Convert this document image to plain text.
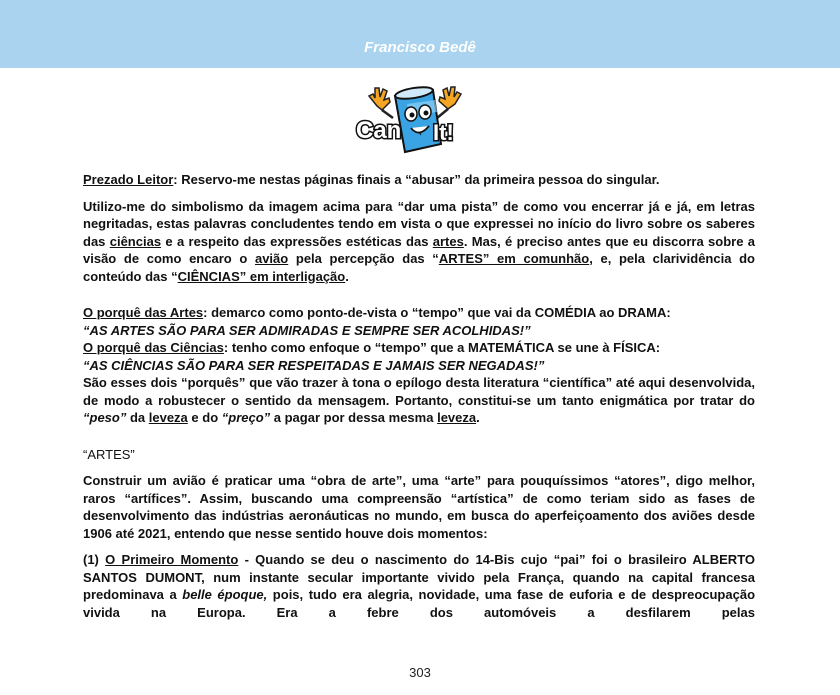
Francisco Bedê
Can It!

Prezado Leitor: Reservo-me nestas páginas finais a “abusar” da primeira pessoa do singular.

Utilizo-me do simbolismo da imagem acima para “dar uma pista” de como vou encerrar já e já, em letras negritadas, estas palavras concludentes tendo em vista o que expressei no início do livro sobre os saberes das ciências e a respeito das expressões estéticas das artes. Mas, é preciso antes que eu discorra sobre a visão de como encaro o avião pela percepção das “ARTES” em comunhão, e, pela clarividência do conteúdo das “CIÊNCIAS” em interligação.

O porquê das Artes: demarco como ponto-de-vista o “tempo” que vai da COMÉDIA ao DRAMA:
“AS ARTES SÃO PARA SER ADMIRADAS E SEMPRE SER ACOLHIDAS!”
O porquê das Ciências: tenho como enfoque o “tempo” que a MATEMÁTICA se une à FÍSICA:
“AS CIÊNCIAS SÃO PARA SER RESPEITADAS E JAMAIS SER NEGADAS!”
São esses dois “porquês” que vão trazer à tona o epílogo desta literatura “científica” até aqui desenvolvida, de modo a robustecer o sentido da mensagem. Portanto, constitui-se um tanto enigmática por tratar do “peso” da leveza e do “preço” a pagar por dessa mesma leveza.

“ARTES”

Construir um avião é praticar uma “obra de arte”, uma “arte” para pouquíssimos “atores”, digo melhor, raros “artífices”. Assim, buscando uma compreensão “artística” de como teriam sido as fases de desenvolvimento das indústrias aeronáuticas no mundo, em busca do aperfeiçoamento dos aviões desde 1906 até 2021, entendo que nesse sentido houve dois momentos:

(1) O Primeiro Momento - Quando se deu o nascimento do 14-Bis cujo “pai” foi o brasileiro ALBERTO SANTOS DUMONT, num instante secular importante vivido pela França, quando na capital francesa predominava a belle époque, pois, tudo era alegria, novidade, uma fase de euforia e de despreocupação vivida na Europa. Era a febre dos automóveis a desfilarem pelas

303
